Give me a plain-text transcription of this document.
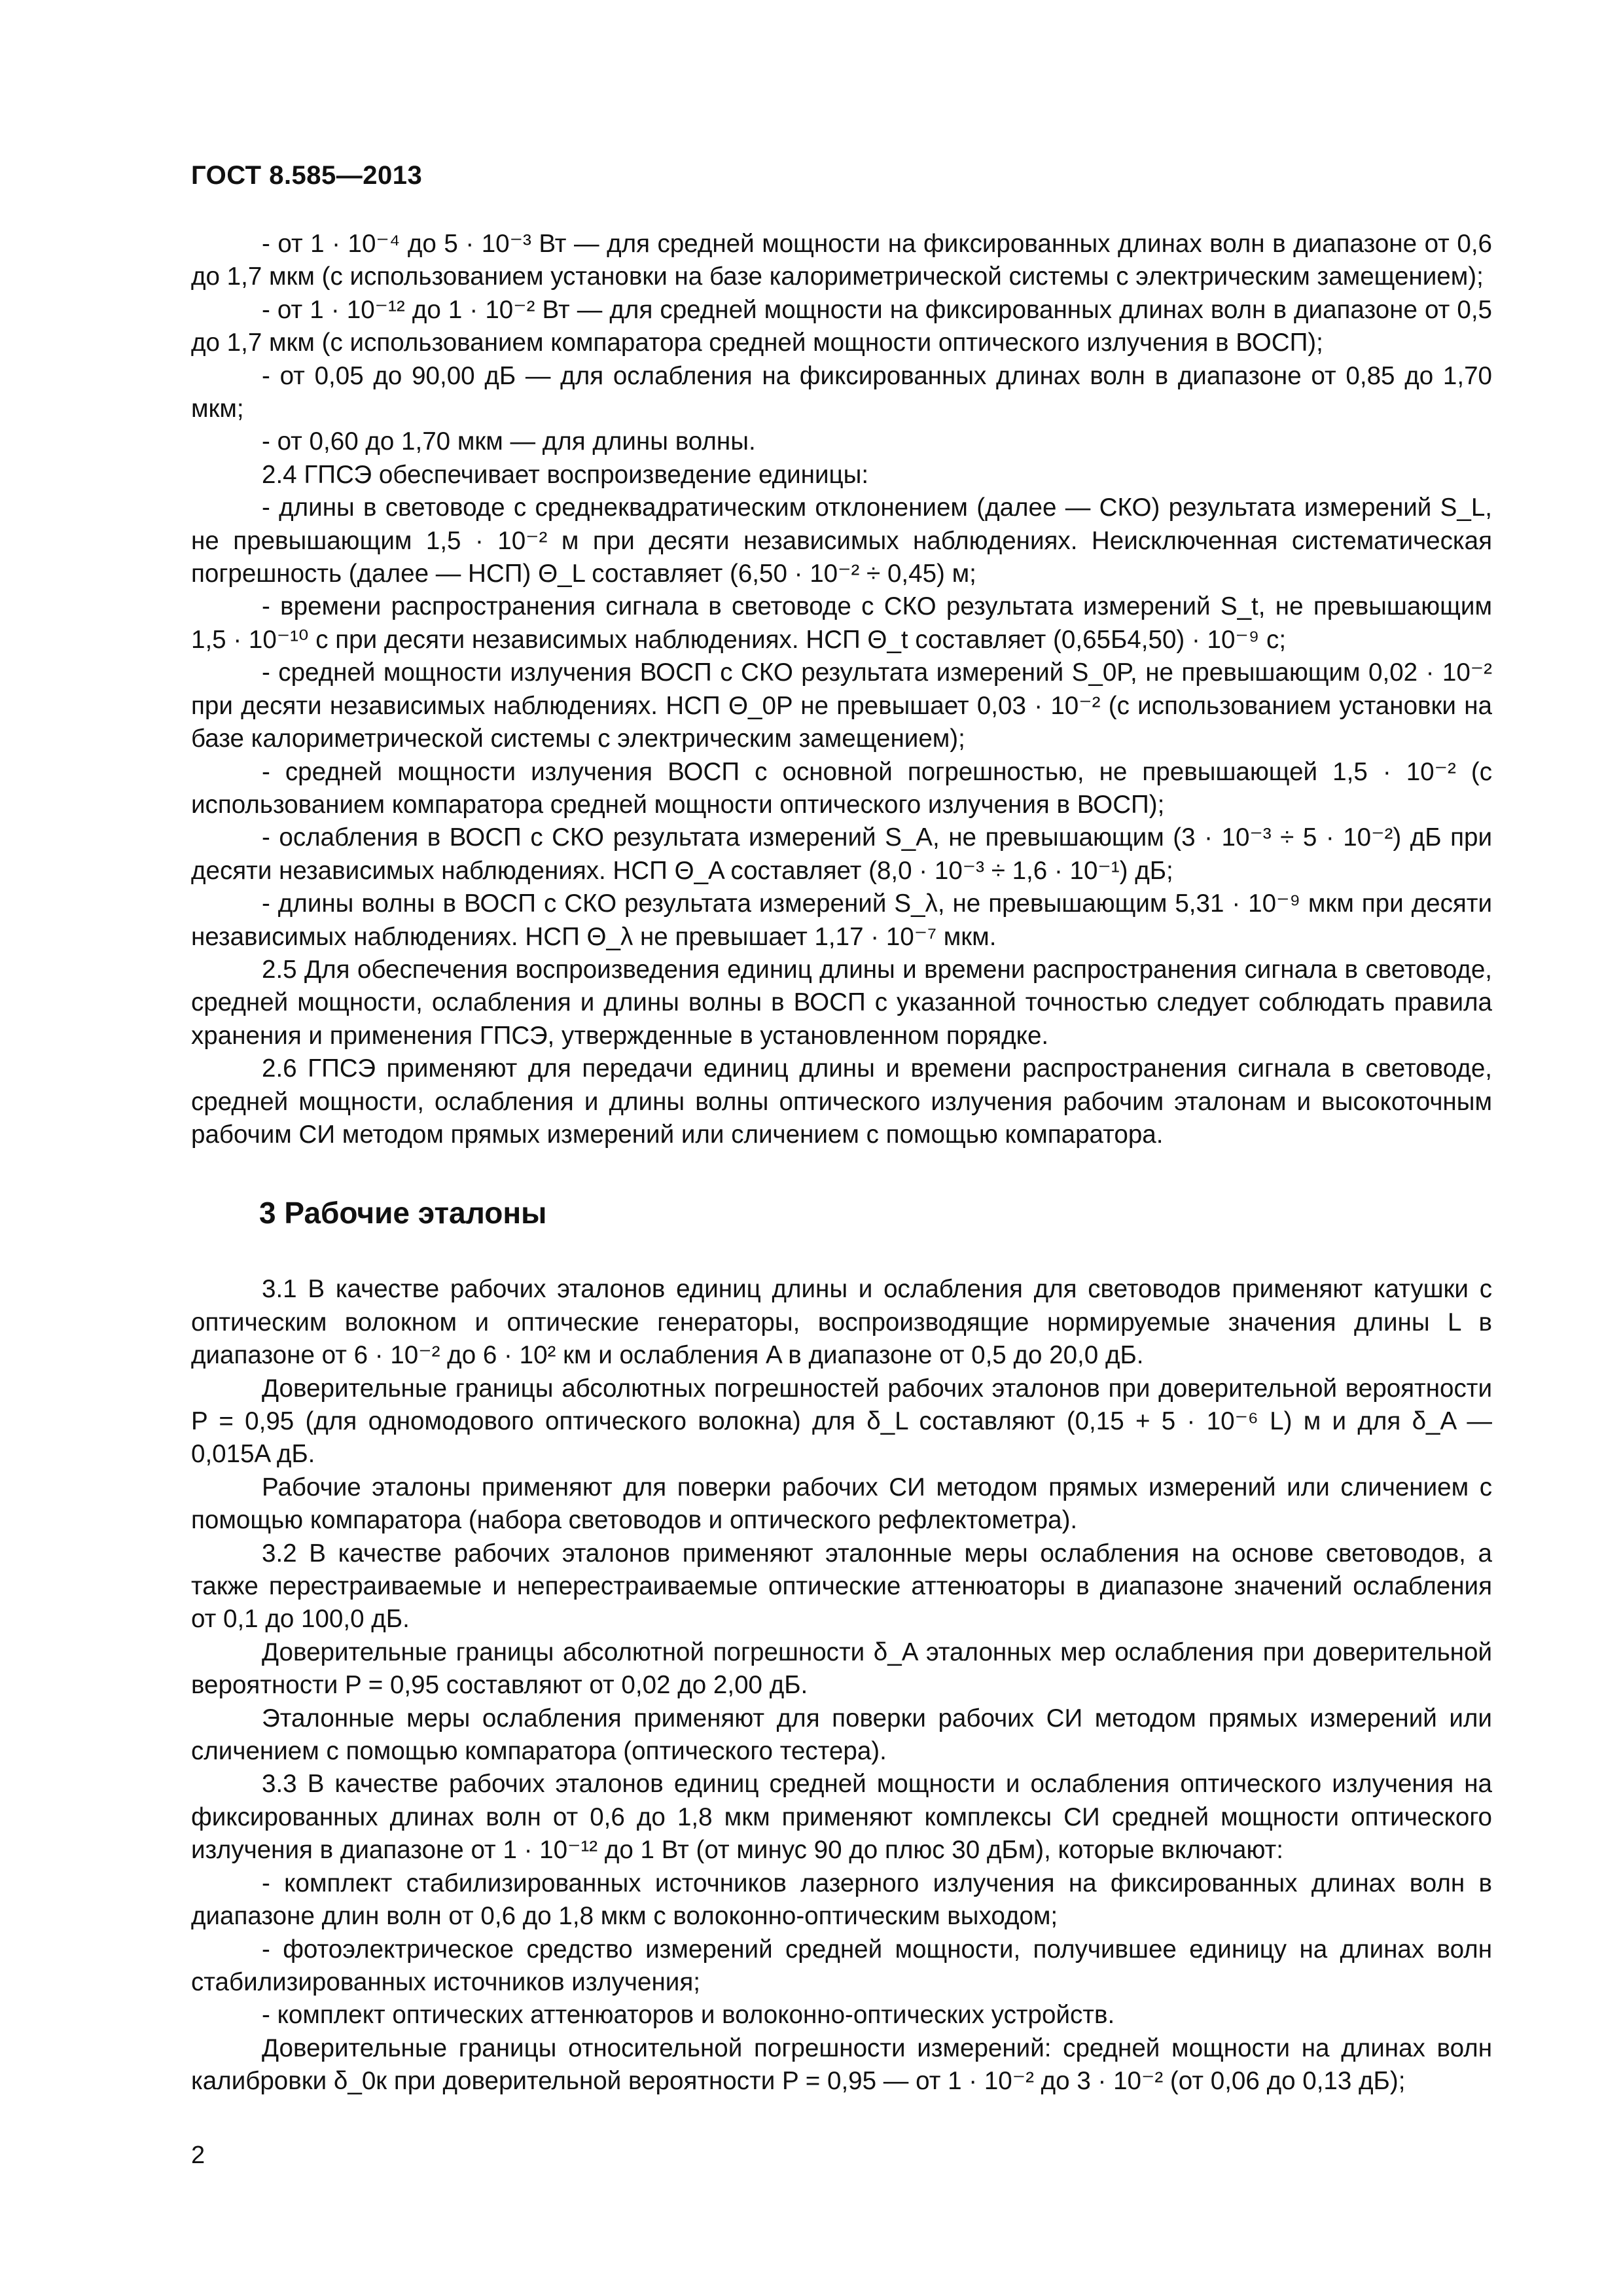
ГОСТ 8.585—2013

- от 1 · 10⁻⁴ до 5 · 10⁻³ Вт — для средней мощности на фиксированных длинах волн в диапазоне от 0,6 до 1,7 мкм (с использованием установки на базе калориметрической системы с электрическим замещением);

- от 1 · 10⁻¹² до 1 · 10⁻² Вт — для средней мощности на фиксированных длинах волн в диапазоне от 0,5 до 1,7 мкм (с использованием компаратора средней мощности оптического излучения в ВОСП);

- от 0,05 до 90,00 дБ — для ослабления на фиксированных длинах волн в диапазоне от 0,85 до 1,70 мкм;

- от 0,60 до 1,70 мкм — для длины волны.

2.4 ГПСЭ обеспечивает воспроизведение единицы:

- длины в световоде с среднеквадратическим отклонением (далее — СКО) результата измерений S_L, не превышающим 1,5 · 10⁻² м при десяти независимых наблюдениях. Неисключенная систематическая погрешность (далее — НСП) Θ_L составляет (6,50 · 10⁻² ÷ 0,45) м;

- времени распространения сигнала в световоде с СКО результата измерений S_t, не превышающим 1,5 · 10⁻¹⁰ с при десяти независимых наблюдениях. НСП Θ_t составляет (0,65Б4,50) · 10⁻⁹ с;

- средней мощности излучения ВОСП с СКО результата измерений S_0P, не превышающим 0,02 · 10⁻² при десяти независимых наблюдениях. НСП Θ_0P не превышает 0,03 · 10⁻² (с использованием установки на базе калориметрической системы с электрическим замещением);

- средней мощности излучения ВОСП с основной погрешностью, не превышающей 1,5 · 10⁻² (с использованием компаратора средней мощности оптического излучения в ВОСП);

- ослабления в ВОСП с СКО результата измерений S_A, не превышающим (3 · 10⁻³ ÷ 5 · 10⁻²) дБ при десяти независимых наблюдениях. НСП Θ_A составляет (8,0 · 10⁻³ ÷ 1,6 · 10⁻¹) дБ;

- длины волны в ВОСП с СКО результата измерений S_λ, не превышающим 5,31 · 10⁻⁹ мкм при десяти независимых наблюдениях. НСП Θ_λ не превышает 1,17 · 10⁻⁷ мкм.

2.5 Для обеспечения воспроизведения единиц длины и времени распространения сигнала в световоде, средней мощности, ослабления и длины волны в ВОСП с указанной точностью следует соблюдать правила хранения и применения ГПСЭ, утвержденные в установленном порядке.

2.6 ГПСЭ применяют для передачи единиц длины и времени распространения сигнала в световоде, средней мощности, ослабления и длины волны оптического излучения рабочим эталонам и высокоточным рабочим СИ методом прямых измерений или сличением с помощью компаратора.

3 Рабочие эталоны

3.1 В качестве рабочих эталонов единиц длины и ослабления для световодов применяют катушки с оптическим волокном и оптические генераторы, воспроизводящие нормируемые значения длины L в диапазоне от 6 · 10⁻² до 6 · 10² км и ослабления A в диапазоне от 0,5 до 20,0 дБ.

Доверительные границы абсолютных погрешностей рабочих эталонов при доверительной вероятности P = 0,95 (для одномодового оптического волокна) для δ_L составляют (0,15 + 5 · 10⁻⁶ L) м и для δ_A — 0,015A дБ.

Рабочие эталоны применяют для поверки рабочих СИ методом прямых измерений или сличением с помощью компаратора (набора световодов и оптического рефлектометра).

3.2 В качестве рабочих эталонов применяют эталонные меры ослабления на основе световодов, а также перестраиваемые и неперестраиваемые оптические аттенюаторы в диапазоне значений ослабления от 0,1 до 100,0 дБ.

Доверительные границы абсолютной погрешности δ_A эталонных мер ослабления при доверительной вероятности P = 0,95 составляют от 0,02 до 2,00 дБ.

Эталонные меры ослабления применяют для поверки рабочих СИ методом прямых измерений или сличением с помощью компаратора (оптического тестера).

3.3 В качестве рабочих эталонов единиц средней мощности и ослабления оптического излучения на фиксированных длинах волн от 0,6 до 1,8 мкм применяют комплексы СИ средней мощности оптического излучения в диапазоне от 1 · 10⁻¹² до 1 Вт (от минус 90 до плюс 30 дБм), которые включают:

- комплект стабилизированных источников лазерного излучения на фиксированных длинах волн в диапазоне длин волн от 0,6 до 1,8 мкм с волоконно-оптическим выходом;

- фотоэлектрическое средство измерений средней мощности, получившее единицу на длинах волн стабилизированных источников излучения;

- комплект оптических аттенюаторов и волоконно-оптических устройств.

Доверительные границы относительной погрешности измерений: средней мощности на длинах волн калибровки δ_0к при доверительной вероятности P = 0,95 — от 1 · 10⁻² до 3 · 10⁻² (от 0,06 до 0,13 дБ);

2
